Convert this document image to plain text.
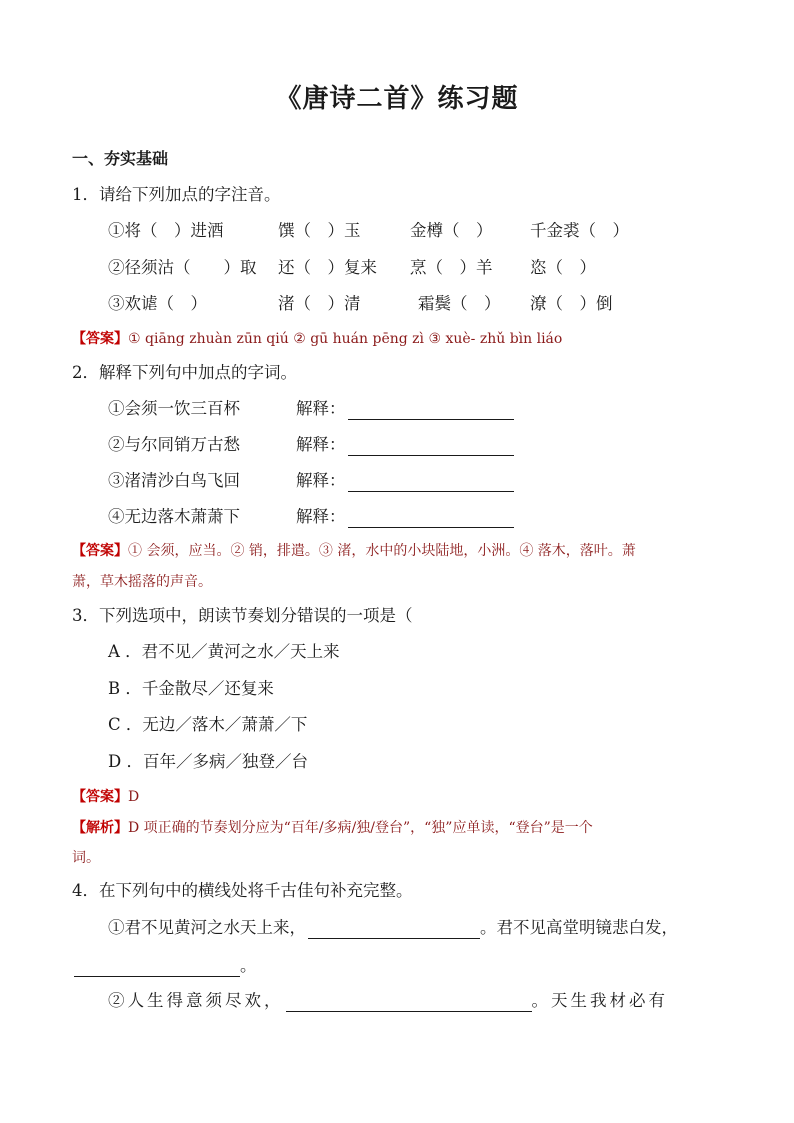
《唐诗二首》练习题
一、夯实基础
1．请给下列加点的字注音。
①将（　）进酒	馔（　）玉	金樽（　） 千金裘（　）
②径须沽（　　）取 还（　）复来 烹（　）羊 恣（　）
③欢谑（　）	渚（　）清	霜鬓（　） 潦（　）倒
【答案】① qiāng zhuàn zūn qiú ② gū huán pēng zì ③ xuè- zhǔ bìn liáo
2．解释下列句中加点的字词。
①会须一饮三百杯	解释：
②与尔同销万古愁	解释：
③渚清沙白鸟飞回	解释：
④无边落木萧萧下	解释：
【答案】① 会须，应当。② 销，排遣。③ 渚，水中的小块陆地，小洲。④ 落木，落叶。萧
萧，草木摇落的声音。
3．下列选项中，朗读节奏划分错误的一项是（
A ．君不见／黄河之水／天上来
B ．千金散尽／还复来
C ．无边／落木／萧萧／下
D ．百年／多病／独登／台
【答案】D
【解析】D 项正确的节奏划分应为“百年/多病/独/登台”，“独”应单读，“登台”是一个
词。
4．在下列句中的横线处将千古佳句补充完整。
①君不见黄河之水天上来，	。君不见高堂明镜悲白发，
。
②人生得意须尽欢，	。天生我材必有
